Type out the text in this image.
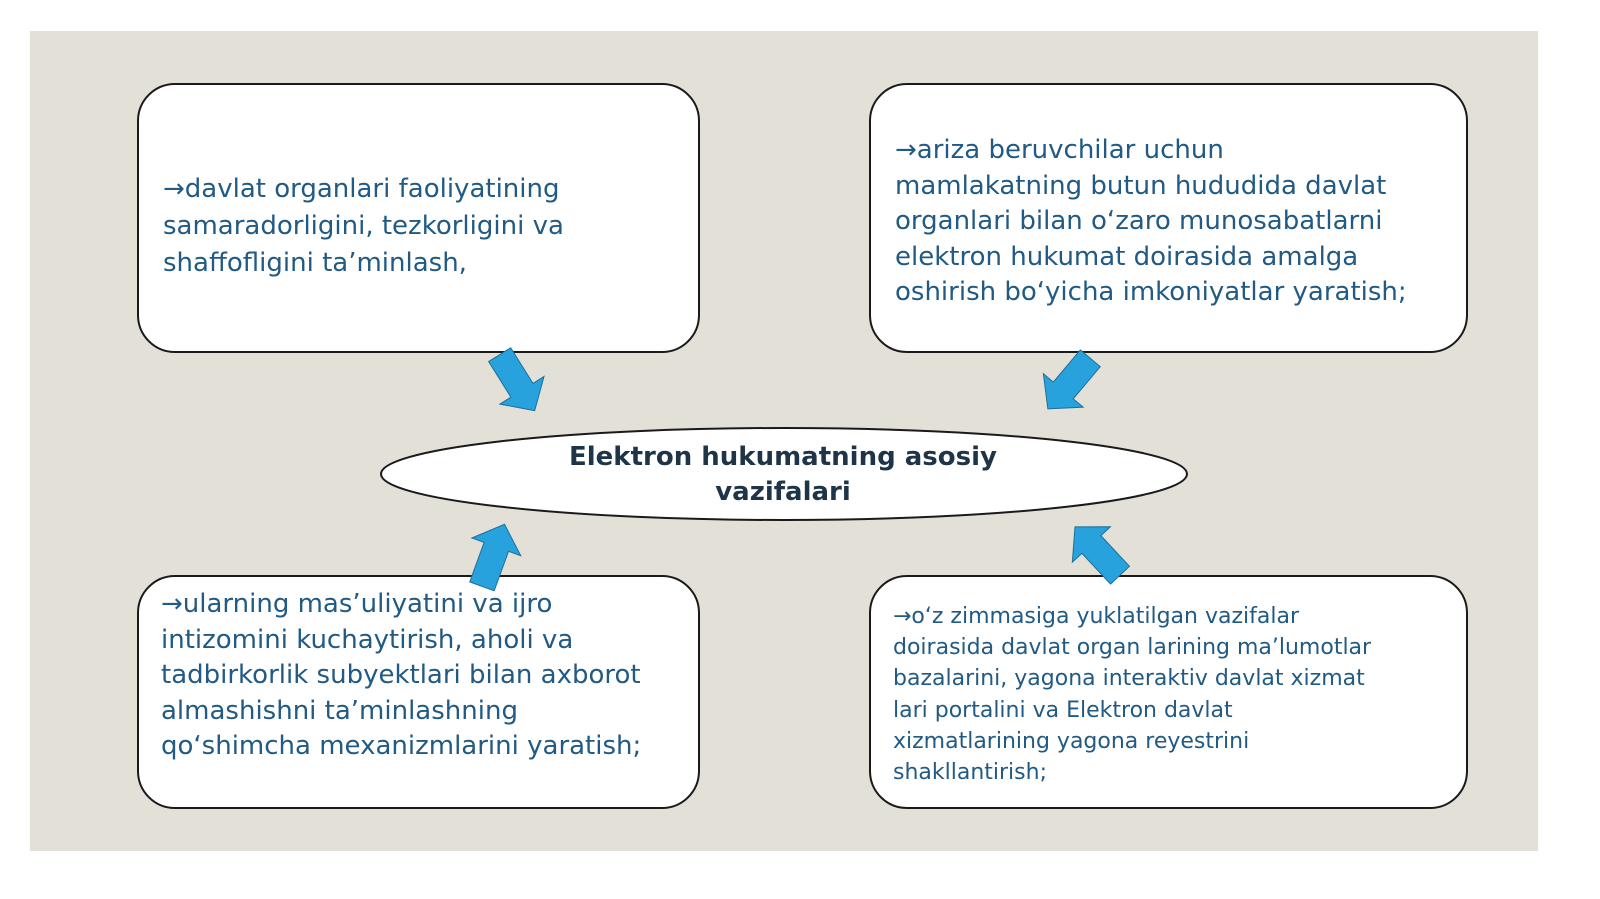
→davlat organlari faoliyatining
samaradorligini, tezkorligini va
shaffofligini ta’minlash,

→ariza beruvchilar uchun
mamlakatning butun hududida davlat
organlari bilan o‘zaro munosabatlarni
elektron hukumat doirasida amalga
oshirish bo‘yicha imkoniyatlar yaratish;

→ularning mas’uliyatini va ijro
intizomini kuchaytirish, aholi va
tadbirkorlik subyektlari bilan axborot
almashishni ta’minlashning
qo‘shimcha mexanizmlarini yaratish;

→o‘z zimmasiga yuklatilgan vazifalar
doirasida davlat organ larining ma’lumotlar
bazalarini, yagona interaktiv davlat xizmat
lari portalini va Elektron davlat
xizmatlarining yagona reyestrini
shakllantirish;

Elektron hukumatning asosiy
vazifalari
